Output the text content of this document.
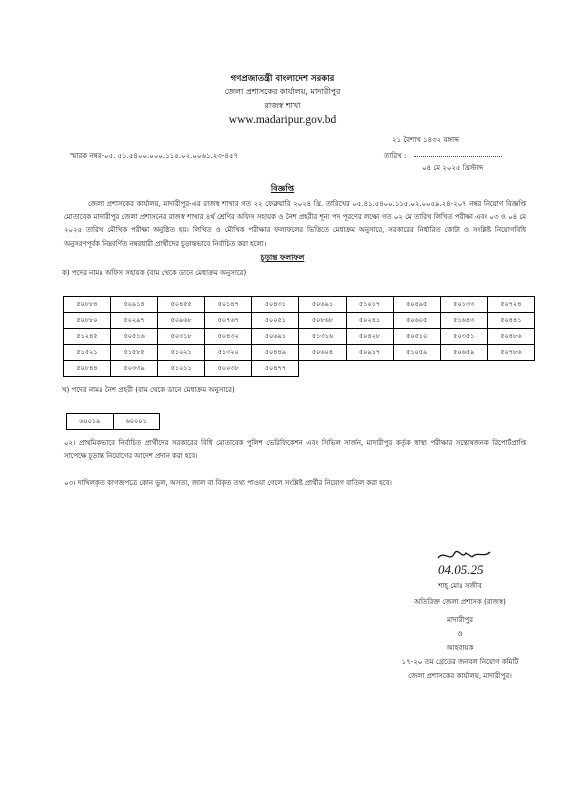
গণপ্রজাতন্ত্রী বাংলাদেশ সরকার
জেলা প্রশাসকের কার্যালয়, মাদারীপুর
রাজস্ব শাখা
www.madaripur.gov.bd
২১ বৈশাখ ১৪৩২ বঙ্গাব্দ
স্মারক নম্বর-০৫. ৫১.৫৪০০.০০০.১১৫.০২.০০৬১.২৩-৪৫৭	তারিখ :
০৪ মে ২০২৫ খ্রিস্টাব্দ
বিজ্ঞপ্তি
জেলা প্রশাসকের কার্যালয়, মাদারীপুর-এর রাজস্ব শাখার গত ২২ ফেব্রুয়ারি ২০২৪ খ্রি. তারিখের ০৫.৪১.৫৪০০.১১৫.০২.০০৫৯.২৪-২০৭ নম্বর নিয়োগ বিজ্ঞপ্তি মোতাবেক মাদারীপুর জেলা প্রশাসনের রাজস্ব শাখার ৪র্থ শ্রেণির অফিস সহায়ক ও নৈশ প্রহরীর শূন্য পদ পূরণের লক্ষ্যে গত ০২ মে তারিখ লিখিত পরীক্ষা এবং ০৩ ও ০৪ মে ২০২৫ তারিখ মৌখিক পরীক্ষা অনুষ্ঠিত হয়। লিখিত ও মৌখিক পরীক্ষার ফলাফলের ভিত্তিতে মেধাক্রম অনুসারে, সরকারের নির্ধারিত কোটা ও সংশ্লিষ্ট নিয়োগবিধি অনুসরণপূর্বক নিম্নবর্ণিত নম্বরধারী প্রার্থীদের চূড়ান্তভাবে নির্বাচিত করা হলো।
চূড়ান্ত ফলাফল
ক) পদের নামঃ অফিস সহায়ক (বাম থেকে ডানে মেধাক্রম অনুসারে)
৫০৮৮৪	৫০৯১৪	৫০৪৫৫	৫০১৪৭	৫০৪৩১	৫০৬৯১	৫১০১৭	৫০৪৯৫	৫০১৩৩	৫০৭২৪
৫০৮৮০	৫০২৯৭	৫০৯৬৮	৫০৭৬৭	৫০০৫১	৫০৮৬৮	৫০২৪১	৫০৬০৫	৫১৬৪৩	৫০৪৪১
৫১২৪৫	৫০৫১৬	৫০৩১৮	৫০৪৩২	৫০৬৯১	৫১৩১৬	৫০৪২৮	৫০৫১০	৫০৩৫১	৫০৪৮৬
৫১৫২১	৫১৫৮৫	৫১০২১	৫১৩২০	৫০৪৪৯	৫০৬০৪	৫০৯১৭	৫১০৫৯	৫০৬৫৯	৫০৭৮৬
৫০৮৪৪	৫০৩৩৯	৫১০১১	৫০০৩৮	৫০৪৭৭					
খ) পদের নামঃ নৈশ প্রহরী (বাম থেকে ডানে মেধাক্রম অনুসারে)
৬০০১৯	৬০০০১
০২। প্রাথমিকভাবে নির্বাচিত প্রার্থীদের সরকারের বিধি মোতাবেক পুলিশ ভেরিফিকেশন এবং সিভিল সার্জন, মাদারীপুর কর্তৃক স্বাস্থ্য পরীক্ষার সন্তোষজনক রিপোর্টপ্রাপ্তি সাপেক্ষে চূড়ান্ত নিয়োগের আদেশ প্রদান করা হবে।
০৩। দাখিলকৃত কাগজপত্রে কোন ভুল, অসত্য, জাল বা বিকৃত তথ্য পাওয়া গেলে সংশ্লিষ্ট প্রার্থীর নিয়োগ বাতিল করা হবে।
04.05.25
শাহ্ মোঃ সজীব
অতিরিক্ত জেলা প্রশাসক (রাজস্ব)
মাদারীপুর
ও
আহবায়ক
১৭-২০ তম গ্রেডের জনবল নিয়োগ কমিটি
জেলা প্রশাসকের কার্যালয়, মাদারীপুর।
